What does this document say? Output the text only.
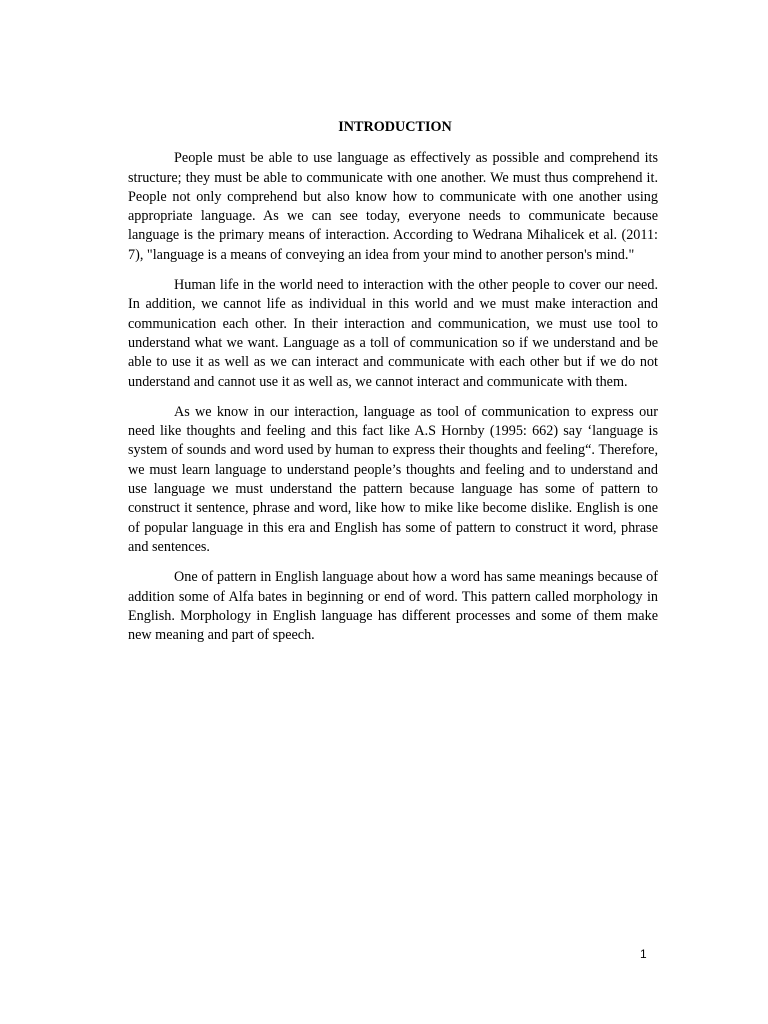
INTRODUCTION

People must be able to use language as effectively as possible and comprehend its structure; they must be able to communicate with one another. We must thus comprehend it. People not only comprehend but also know how to communicate with one another using appropriate language. As we can see today, everyone needs to communicate because language is the primary means of interaction. According to Wedrana Mihalicek et al. (2011: 7), "language is a means of conveying an idea from your mind to another person's mind."

Human life in the world need to interaction with the other people to cover our need. In addition, we cannot life as individual in this world and we must make interaction and communication each other. In their interaction and communication, we must use tool to understand what we want. Language as a toll of communication so if we understand and be able to use it as well as we can interact and communicate with each other but if we do not understand and cannot use it as well as, we cannot interact and communicate with them.

As we know in our interaction, language as tool of communication to express our need like thoughts and feeling and this fact like A.S Hornby (1995: 662) say ‘language is system of sounds and word used by human to express their thoughts and feeling“. Therefore, we must learn language to understand people’s thoughts and feeling and to understand and use language we must understand the pattern because language has some of pattern to construct it sentence, phrase and word, like how to mike like become dislike. English is one of popular language in this era and English has some of pattern to construct it word, phrase and sentences.

One of pattern in English language about how a word has same meanings because of addition some of Alfa bates in beginning or end of word. This pattern called morphology in English. Morphology in English language has different processes and some of them make new meaning and part of speech.

1
